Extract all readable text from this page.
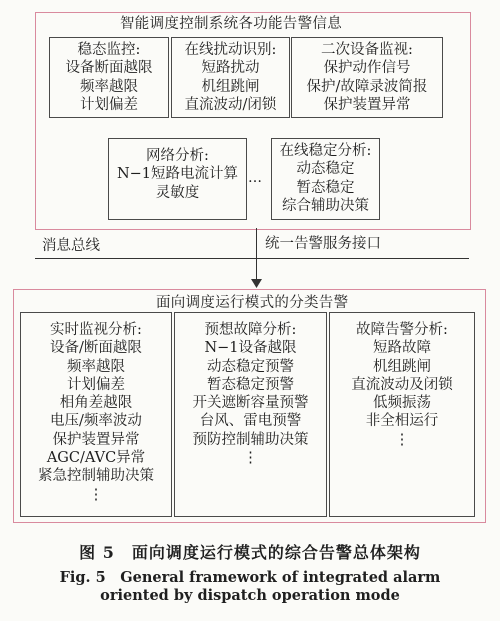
智能调度控制系统各功能告警信息
稳态监控:
设备断面越限
频率越限
计划偏差
在线扰动识别:
短路扰动
机组跳闸
直流波动/闭锁
二次设备监视:
保护动作信号
保护/故障录波简报
保护装置异常
网络分析:
N−1短路电流计算
灵敏度
…
在线稳定分析:
动态稳定
暂态稳定
综合辅助决策
消息总线	统一告警服务接口
面向调度运行模式的分类告警
实时监视分析:
设备/断面越限
频率越限
计划偏差
相角差越限
电压/频率波动
保护装置异常
AGC/AVC异常
紧急控制辅助决策
⋮
预想故障分析:
N−1设备越限
动态稳定预警
暂态稳定预警
开关遮断容量预警
台风、雷电预警
预防控制辅助决策
⋮
故障告警分析:
短路故障
机组跳闸
直流波动及闭锁
低频振荡
非全相运行
⋮
图 5　面向调度运行模式的综合告警总体架构
Fig. 5　General framework of integrated alarm
oriented by dispatch operation mode
